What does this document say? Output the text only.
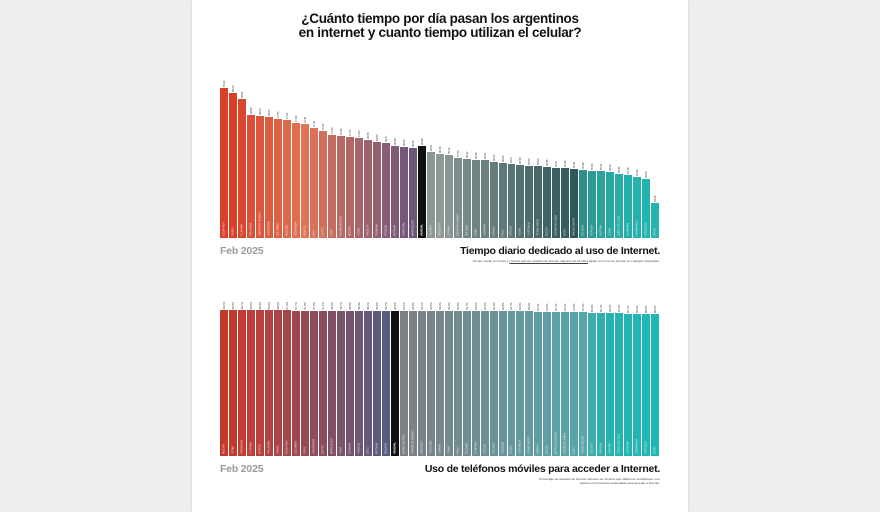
¿Cuánto tiempo por día pasan los argentinos
en internet y cuanto tiempo utilizan el celular?
09:24
SUDÁFRICA
09:09
BRASIL
08:52
FILIPINAS
08:06
TAILANDIA
08:03
EMIRATOS ÁRABES
08:00
ARGENTINA
07:55
COLOMBIA
07:52
MALASIA
07:43
INDONESIA
07:41
MÉXICO
07:31
CHILE
07:22
EGIPTO
07:09
PERÚ
07:06
ARABIA SAUDITA
07:03
NIGERIA
07:00
KENIA
06:56
ARGELIA
06:50
RUMANIA
06:47
TURQUÍA
06:38
VIETNAM
06:35
PORTUGAL
06:33
MARRUECOS
06:38
MUNDIAL
06:21
IRLANDA
06:16
SINGAPUR
06:12
ESPAÑA
07:03
ESTADOS UNIDOS
06:42
POLONIA
06:38
INDIA
06:21
HUNGRÍA
06:20
CANADÁ
06:09
ITALIA
06:07
GRECIA
05:58
RUSIA
05:53
AUSTRALIA
05:50
REINO UNIDO
05:48
SUECIA
05:47
NUEVA ZELANDA
05:44
SUIZA
05:41
PAÍSES BAJOS
05:38
BÉLGICA
05:35
FRANCIA
05:32
AUSTRIA
05:29
CHINA
05:22
COREA DEL SUR
05:18
ALEMANIA
05:14
DINAMARCA
05:09
NORUEGA
03:56
JAPÓN
Feb 2025	Tiempo diario dedicado al uso de Internet.
Tiempo medio (en horas y minutos que los usuarios de internet mayores de 16 años pasan en el uso de internet en cualquier dispositivo.
99.2%
NIGERIA
98.9%
KENIA
98.7%
INDONESIA
98.5%
FILIPINAS
98.4%
MÉXICO
98.2%
TAILANDIA
98.0%
BRASIL
97.9%
SUDÁFRICA
97.7%
COLOMBIA
97.5%
PERÚ
97.3%
ARGENTINA
97.1%
EGIPTO
96.9%
MARRUECOS
96.7%
INDIA
96.5%
TURQUÍA
96.3%
ARGELIA
96.1%
CHILE
95.9%
VIETNAM
95.7%
MALASIA
95.4%
MUNDIAL
95.1%
ARABIA SAUDITA
94.9%
EMIRATOS ÁRABES
94.7%
SINGAPUR
94.5%
PORTUGAL
94.3%
ESPAÑA
94.1%
CHINA
93.9%
ITALIA
93.7%
POLONIA
93.5%
RUMANIA
93.3%
GRECIA
93.1%
IRLANDA
92.9%
HUNGRÍA
92.7%
RUSIA
92.5%
AUSTRALIA
92.3%
REINO UNIDO
92.1%
CANADÁ
91.9%
SUECIA
91.7%
ESTADOS UNIDOS
91.5%
NUEVA ZELANDA
91.3%
SUIZA
91.1%
PAÍSES BAJOS
90.9%
BÉLGICA
90.7%
FRANCIA
90.5%
AUSTRIA
90.1%
COREA DEL SUR
89.7%
ALEMANIA
89.3%
DINAMARCA
88.9%
NORUEGA
88.5%
JAPÓN
Feb 2025	Uso de teléfonos móviles para acceder a Internet.
Porcentaje de usuarios de internet mayores de 16 años que utilizan un smartphone o un
teléfono con funciones avanzadas para acceder a internet.
